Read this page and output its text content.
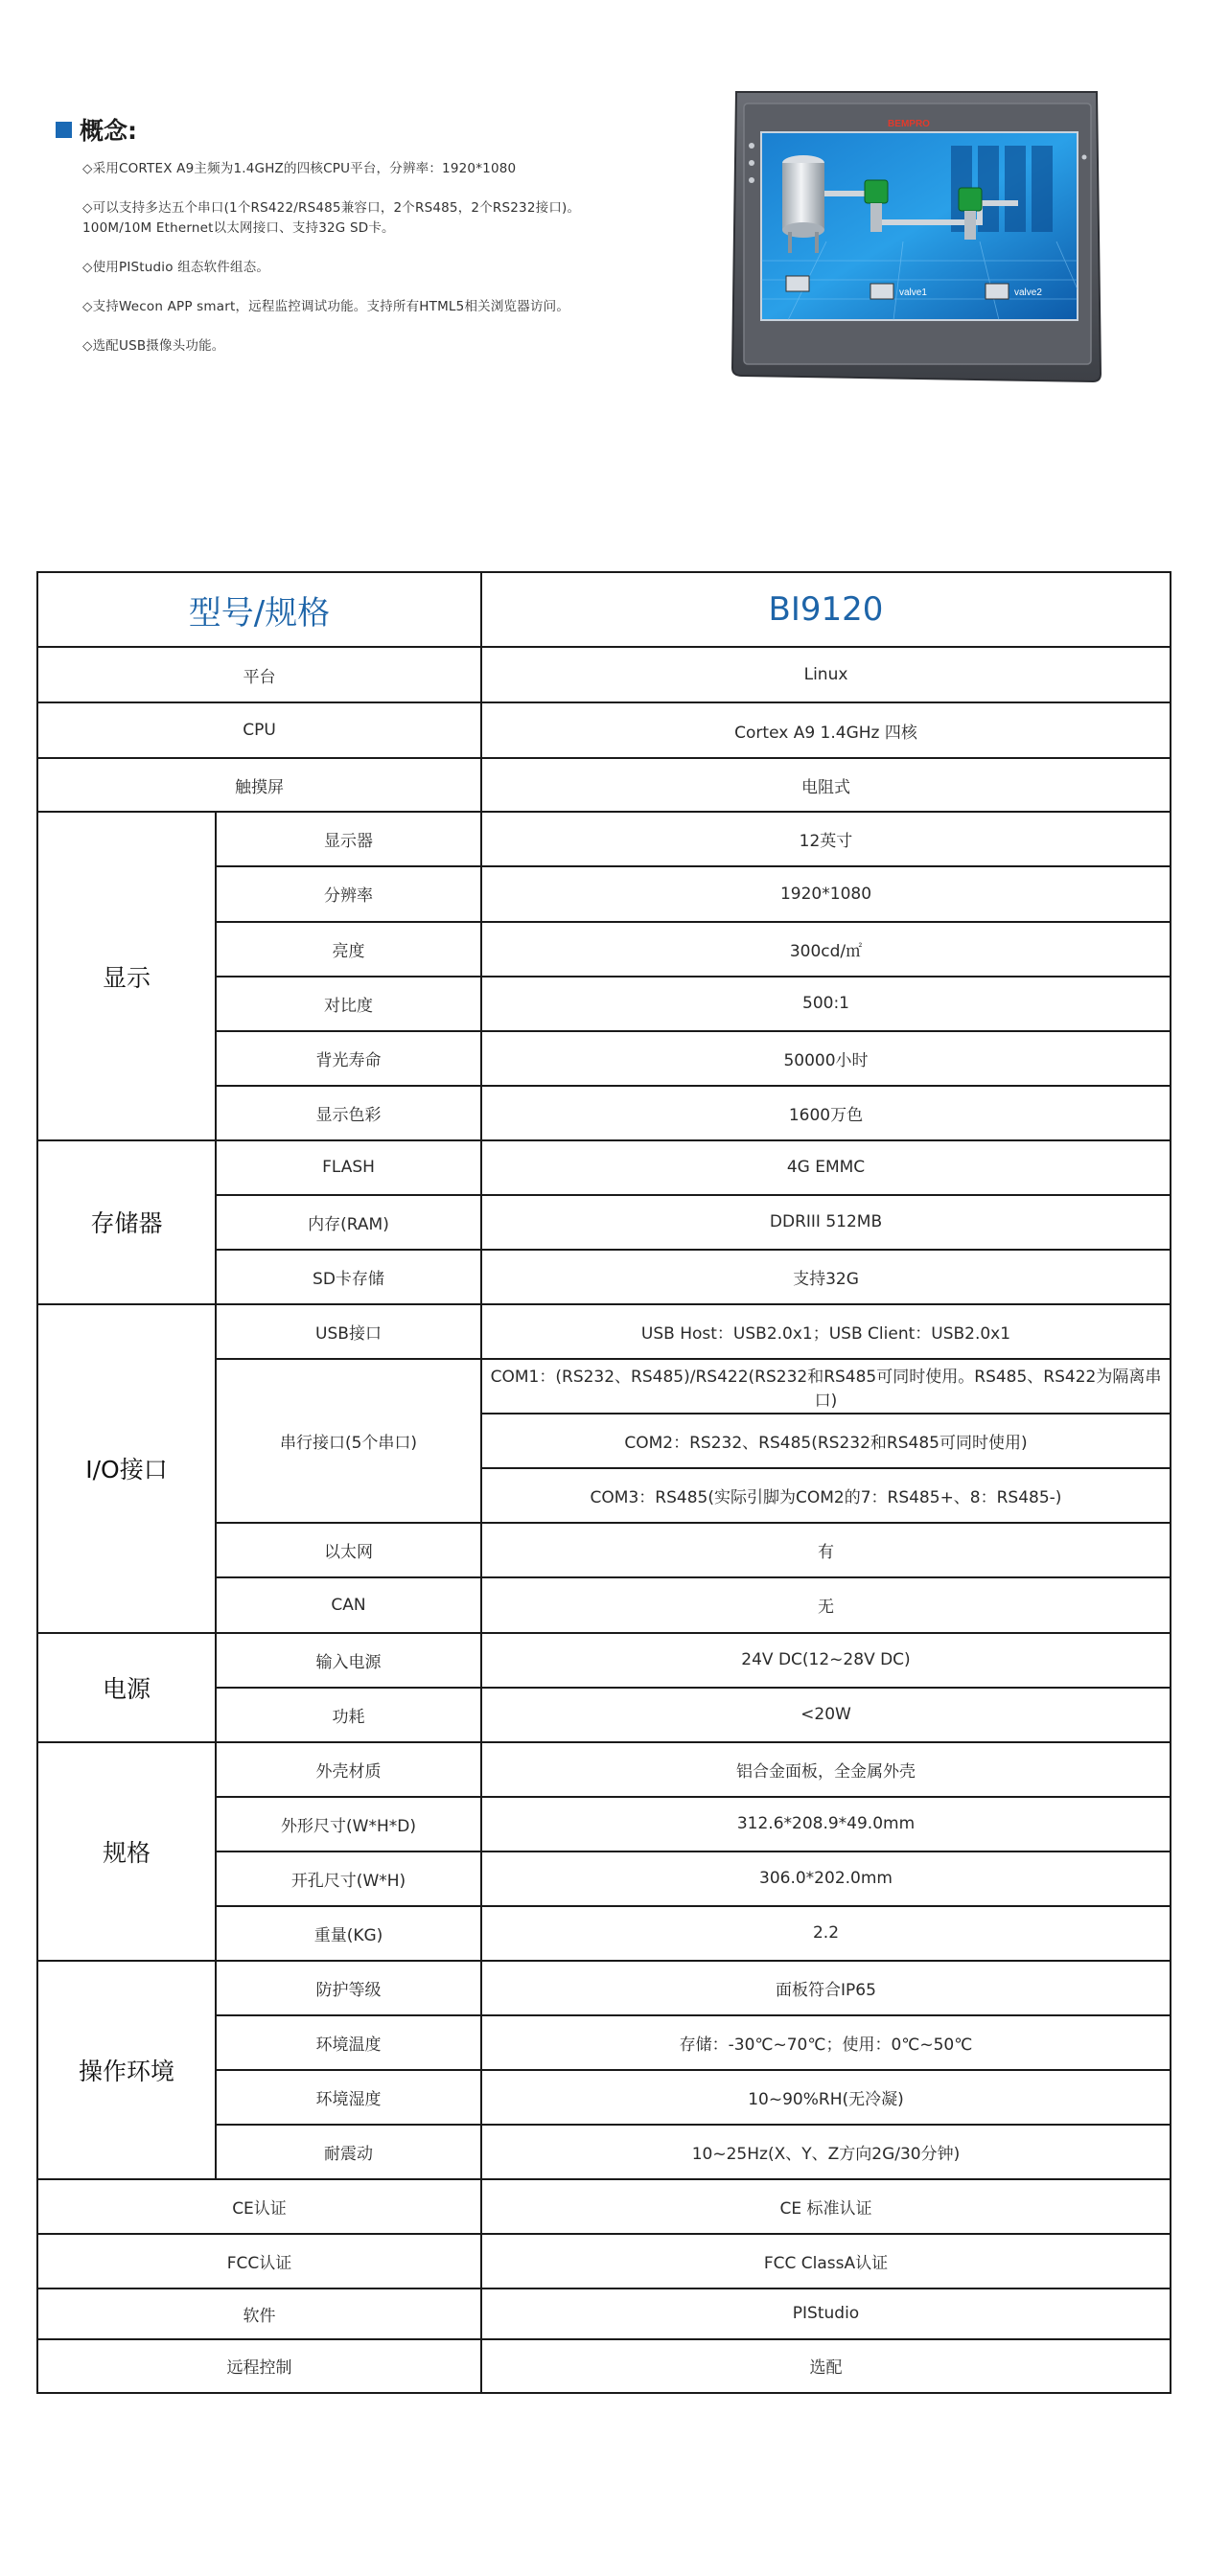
概念:
◇采用CORTEX A9主频为1.4GHZ的四核CPU平台，分辨率：1920*1080
◇可以支持多达五个串口(1个RS422/RS485兼容口，2个RS485，2个RS232接口)。100M/10M Ethernet以太网接口、支持32G SD卡。
◇使用PIStudio 组态软件组态。
◇支持Wecon APP smart，远程监控调试功能。支持所有HTML5相关浏览器访问。
◇选配USB摄像头功能。
BEMPRO
valve1	valve2
型号/规格		BI9120
平台		Linux
CPU		Cortex A9 1.4GHz 四核
触摸屏		电阻式
显示	显示器	12英寸
	分辨率	1920*1080
	亮度	300cd/㎡
	对比度	500:1
	背光寿命	50000小时
	显示色彩	1600万色
存储器	FLASH	4G EMMC
	内存(RAM)	DDRIII 512MB
	SD卡存储	支持32G
I/O接口	USB接口	USB Host：USB2.0x1；USB Client：USB2.0x1
	串行接口(5个串口)	COM1：(RS232、RS485)/RS422(RS232和RS485可同时使用。RS485、RS422为隔离串口)
		COM2：RS232、RS485(RS232和RS485可同时使用)
		COM3：RS485(实际引脚为COM2的7：RS485+、8：RS485-)
	以太网	有
	CAN	无
电源	输入电源	24V DC(12~28V DC)
	功耗	<20W
规格	外壳材质	铝合金面板，全金属外壳
	外形尺寸(W*H*D)	312.6*208.9*49.0mm
	开孔尺寸(W*H)	306.0*202.0mm
	重量(KG)	2.2
操作环境	防护等级	面板符合IP65
	环境温度	存储：-30℃~70℃；使用：0℃~50℃
	环境湿度	10~90%RH(无冷凝)
	耐震动	10~25Hz(X、Y、Z方向2G/30分钟)
CE认证		CE 标准认证
FCC认证		FCC ClassA认证
软件		PIStudio
远程控制		选配
